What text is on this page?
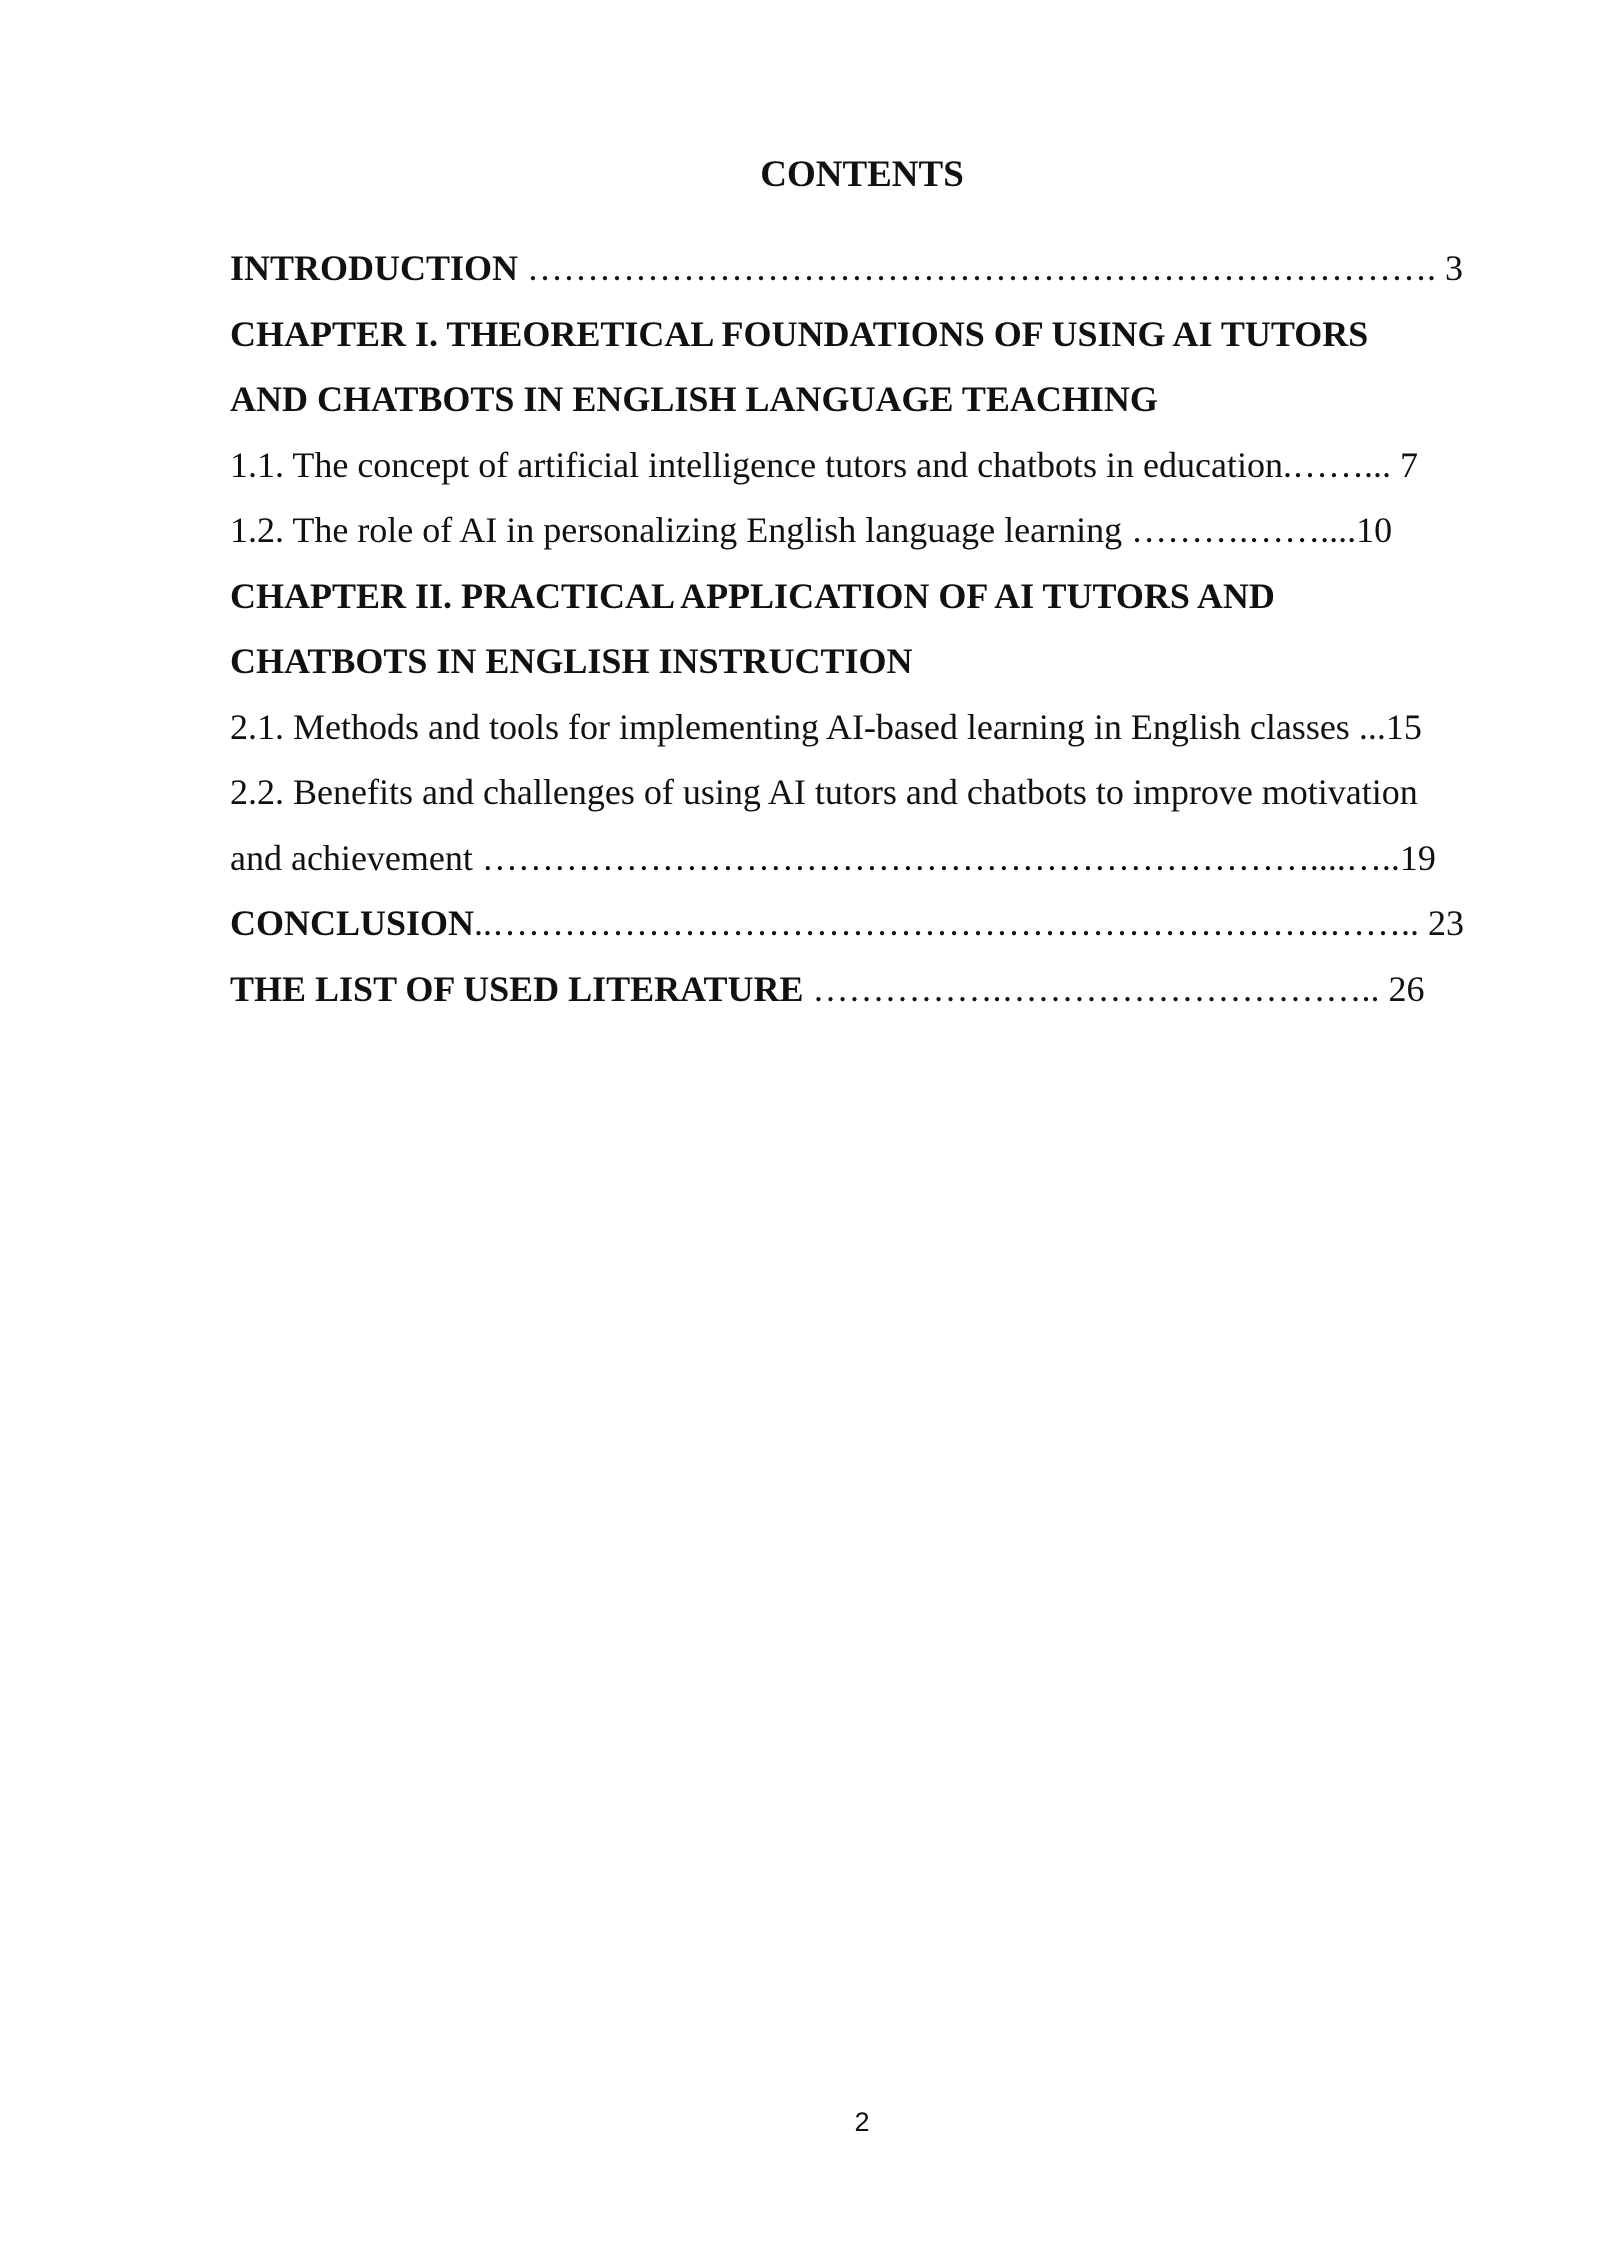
CONTENTS
INTRODUCTION …………………………………………………………………. 3
CHAPTER I. THEORETICAL FOUNDATIONS OF USING AI TUTORS
AND CHATBOTS IN ENGLISH LANGUAGE TEACHING
1.1. The concept of artificial intelligence tutors and chatbots in education.……... 7
1.2. The role of AI in personalizing English language learning ……….……....10
CHAPTER II. PRACTICAL APPLICATION OF AI TUTORS AND
CHATBOTS IN ENGLISH INSTRUCTION
2.1. Methods and tools for implementing AI-based learning in English classes ...15
2.2. Benefits and challenges of using AI tutors and chatbots to improve motivation
and achievement ……………………………………………………………....…..19
CONCLUSION..…………………………………………………………….…….. 23
THE LIST OF USED LITERATURE …………….………………………….. 26
2
